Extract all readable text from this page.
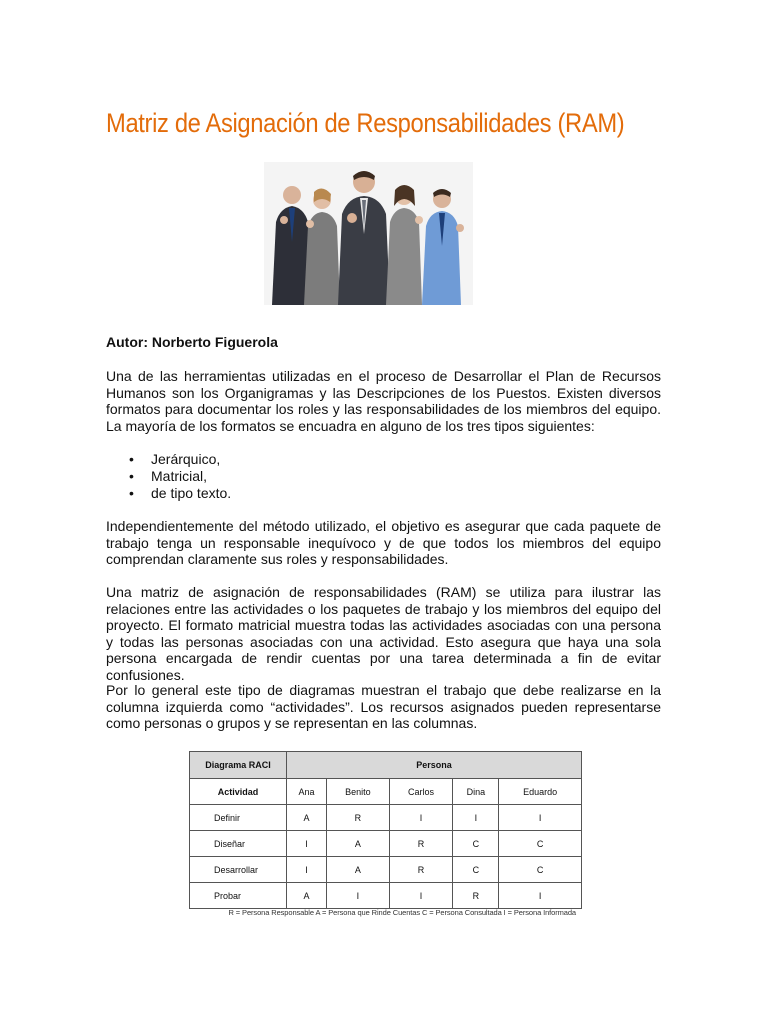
Matriz de Asignación de Responsabilidades (RAM)
Autor: Norberto Figuerola

Una de las herramientas utilizadas en el proceso de Desarrollar el Plan de Recursos Humanos son los Organigramas y las Descripciones de los Puestos. Existen diversos formatos para documentar los roles y las responsabilidades de los miembros del equipo. La mayoría de los formatos se encuadra en alguno de los tres tipos siguientes:

• Jerárquico,
• Matricial,
• de tipo texto.

Independientemente del método utilizado, el objetivo es asegurar que cada paquete de trabajo tenga un responsable inequívoco y de que todos los miembros del equipo comprendan claramente sus roles y responsabilidades.

Una matriz de asignación de responsabilidades (RAM) se utiliza para ilustrar las relaciones entre las actividades o los paquetes de trabajo y los miembros del equipo del proyecto. El formato matricial muestra todas las actividades asociadas con una persona y todas las personas asociadas con una actividad. Esto asegura que haya una sola persona encargada de rendir cuentas por una tarea determinada a fin de evitar confusiones.

Por lo general este tipo de diagramas muestran el trabajo que debe realizarse en la columna izquierda como “actividades”. Los recursos asignados pueden representarse como personas o grupos y se representan en las columnas.

Diagrama RACI	Persona				
Actividad	Ana	Benito	Carlos	Dina	Eduardo
Definir	A	R	I	I	I
Diseñar	I	A	R	C	C
Desarrollar	I	A	R	C	C
Probar	A	I	I	R	I
R = Persona Responsable A = Persona que Rinde Cuentas C = Persona Consultada I = Persona Informada
